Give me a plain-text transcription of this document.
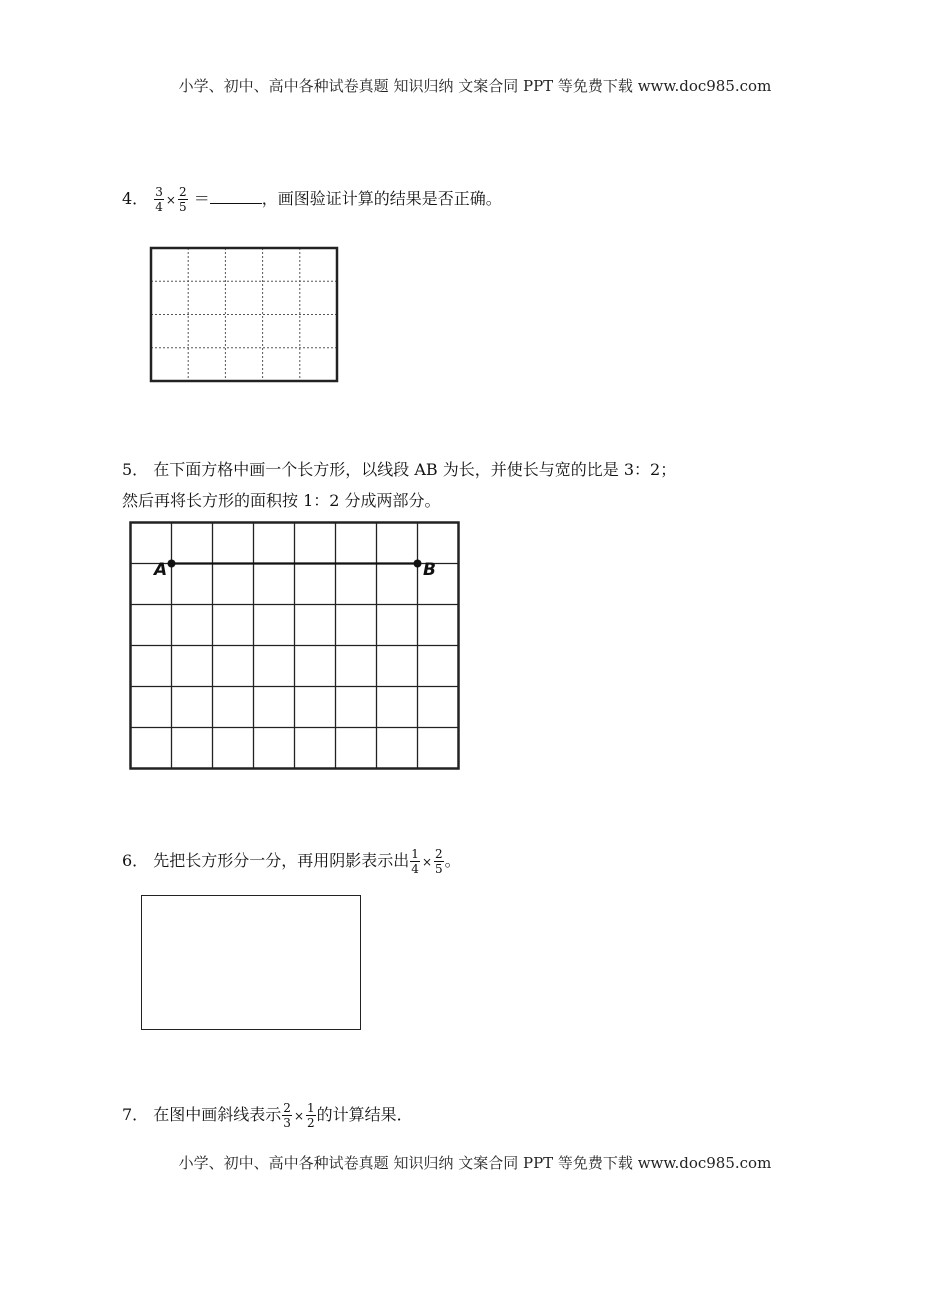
小学、初中、高中各种试卷真题 知识归纳 文案合同 PPT 等免费下载 www.doc985.com
4． $\frac{3}{4} \times \frac{2}{5}$ ＝	，画图验证计算的结果是否正确。
5． 在下面方格中画一个长方形，以线段 AB 为长，并使长与宽的比是 3：2；
然后再将长方形的面积按 1：2 分成两部分。
A	B
6． 先把长方形分一分，再用阴影表示出 $\frac{1}{4} \times \frac{2}{5}$ 。
7． 在图中画斜线表示 $\frac{2}{3} \times \frac{1}{2}$ 的计算结果．
小学、初中、高中各种试卷真题 知识归纳 文案合同 PPT 等免费下载 www.doc985.com
